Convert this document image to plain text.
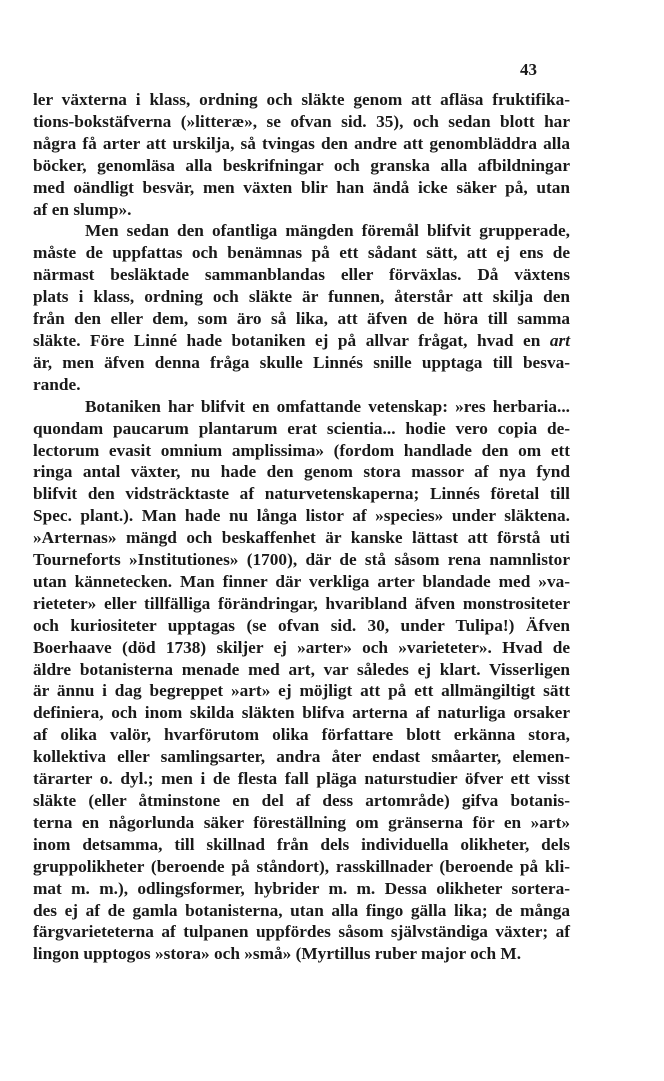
43
ler växterna i klass, ordning och släkte genom att afläsa fruktifika-
tions-bokstäfverna (»litteræ», se ofvan sid. 35), och sedan blott har
några få arter att urskilja, så tvingas den andre att genombläddra alla
böcker, genomläsa alla beskrifningar och granska alla afbildningar
med oändligt besvär, men växten blir han ändå icke säker på, utan
af en slump».
Men sedan den ofantliga mängden föremål blifvit grupperade,
måste de uppfattas och benämnas på ett sådant sätt, att ej ens de
närmast besläktade sammanblandas eller förväxlas. Då växtens
plats i klass, ordning och släkte är funnen, återstår att skilja den
från den eller dem, som äro så lika, att äfven de höra till samma
släkte. Före Linné hade botaniken ej på allvar frågat, hvad en art
är, men äfven denna fråga skulle Linnés snille upptaga till besva-
rande.
Botaniken har blifvit en omfattande vetenskap: »res herbaria...
quondam paucarum plantarum erat scientia... hodie vero copia de-
lectorum evasit omnium amplissima» (fordom handlade den om ett
ringa antal växter, nu hade den genom stora massor af nya fynd
blifvit den vidsträcktaste af naturvetenskaperna; Linnés företal till
Spec. plant.). Man hade nu långa listor af »species» under släktena.
»Arternas» mängd och beskaffenhet är kanske lättast att förstå uti
Tourneforts »Institutiones» (1700), där de stå såsom rena namnlistor
utan kännetecken. Man finner där verkliga arter blandade med »va-
rieteter» eller tillfälliga förändringar, hvaribland äfven monstrositeter
och kuriositeter upptagas (se ofvan sid. 30, under Tulipa!) Äfven
Boerhaave (död 1738) skiljer ej »arter» och »varieteter». Hvad de
äldre botanisterna menade med art, var således ej klart. Visserligen
är ännu i dag begreppet »art» ej möjligt att på ett allmängiltigt sätt
definiera, och inom skilda släkten blifva arterna af naturliga orsaker
af olika valör, hvarförutom olika författare blott erkänna stora,
kollektiva eller samlingsarter, andra åter endast småarter, elemen-
tärarter o. dyl.; men i de flesta fall pläga naturstudier öfver ett visst
släkte (eller åtminstone en del af dess artområde) gifva botanis-
terna en någorlunda säker föreställning om gränserna för en »art»
inom detsamma, till skillnad från dels individuella olikheter, dels
gruppolikheter (beroende på ståndort), rasskillnader (beroende på kli-
mat m. m.), odlingsformer, hybrider m. m. Dessa olikheter sortera-
des ej af de gamla botanisterna, utan alla fingo gälla lika; de många
färgvarieteterna af tulpanen uppfördes såsom självständiga växter; af
lingon upptogos »stora» och »små» (Myrtillus ruber major och M.
